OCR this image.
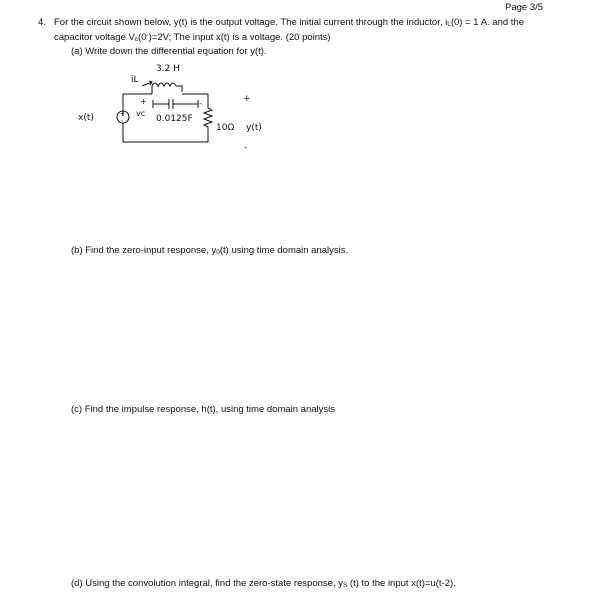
Page 3/5
4. For the circuit shown below, y(t) is the output voltage. The initial current through the inductor, $i_L(0) = 1$ A. and the
capacitor voltage $V_c(0^-)=2V$; The input x(t) is a voltage. (20 points)
(a) Write down the differential equation for y(t).
3.2 H
iL
+
-
x(t)
+
vc
-
0.0125F
10Ω
+
y(t)
-
(b) Find the zero-input response, $y_0(t)$ using time domain analysis.
(c) Find the impulse response, h(t), using time domain analysis
(d) Using the convolution integral, find the zero-state response, $y_S$ (t) to the input x(t)=u(t-2).
